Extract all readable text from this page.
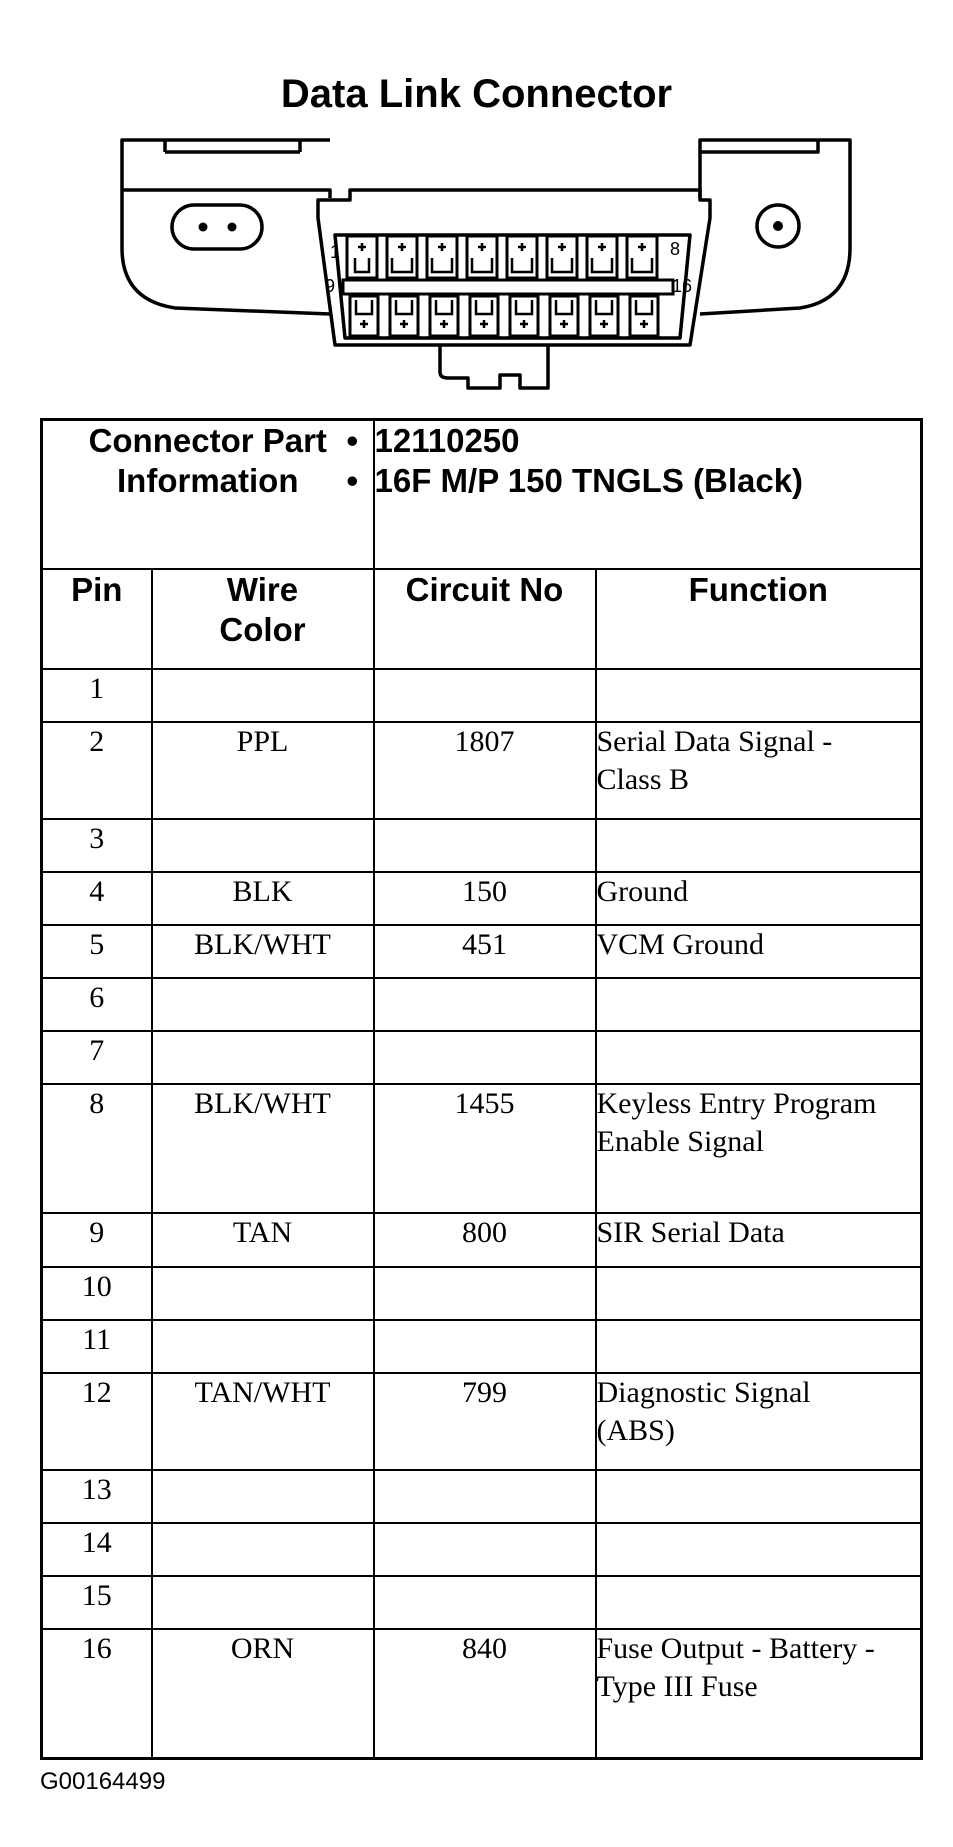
Data Link Connector
1	8
9	16
Connector Part Information		• 12110250
• 16F M/P 150 TNGLS (Black)	

Pin	Wire Color	Circuit No	Function
1			
2	PPL	1807	Serial Data Signal - Class B
3			
4	BLK	150	Ground
5	BLK/WHT	451	VCM Ground
6			
7			
8	BLK/WHT	1455	Keyless Entry Program Enable Signal
9	TAN	800	SIR Serial Data
10			
11			
12	TAN/WHT	799	Diagnostic Signal (ABS)
13			
14			
15			
16	ORN	840	Fuse Output - Battery - Type III Fuse
G00164499
